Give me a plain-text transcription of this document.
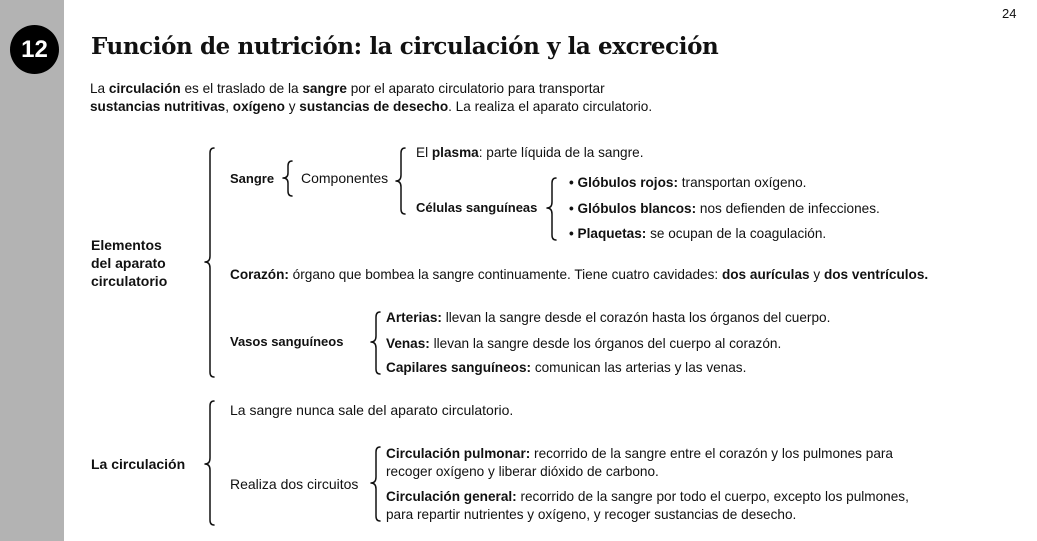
12
24
Función de nutrición: la circulación y la excreción
La circulación es el traslado de la sangre por el aparato circulatorio para transportar
sustancias nutritivas, oxígeno y sustancias de desecho. La realiza el aparato circulatorio.
Elementos
del aparato
circulatorio
Sangre Componentes
El plasma: parte líquida de la sangre.
Células sanguíneas
• Glóbulos rojos: transportan oxígeno.
• Glóbulos blancos: nos defienden de infecciones.
• Plaquetas: se ocupan de la coagulación.
Corazón: órgano que bombea la sangre continuamente. Tiene cuatro cavidades: dos aurículas y dos ventrículos.
Vasos sanguíneos
Arterias: llevan la sangre desde el corazón hasta los órganos del cuerpo.
Venas: llevan la sangre desde los órganos del cuerpo al corazón.
Capilares sanguíneos: comunican las arterias y las venas.
La circulación
La sangre nunca sale del aparato circulatorio.
Realiza dos circuitos
Circulación pulmonar: recorrido de la sangre entre el corazón y los pulmones para
recoger oxígeno y liberar dióxido de carbono.
Circulación general: recorrido de la sangre por todo el cuerpo, excepto los pulmones,
para repartir nutrientes y oxígeno, y recoger sustancias de desecho.
